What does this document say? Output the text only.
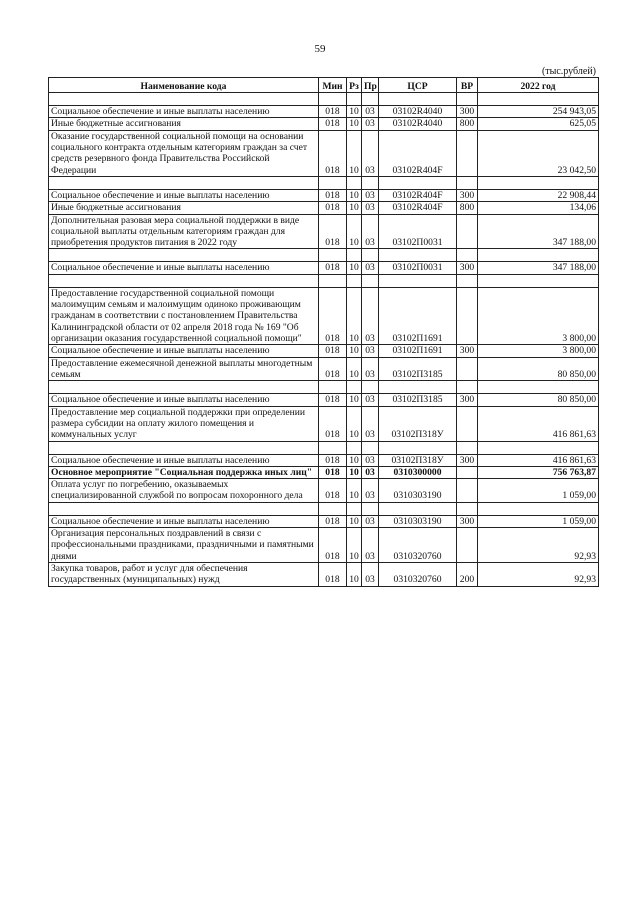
59
(тыс.рублей)
Наименование кода	Мин	Рз	Пр	ЦСР	ВР	2022 год

Социальное обеспечение и иные выплаты населению	018	10	03	03102R4040	300	254 943,05
Иные бюджетные ассигнования	018	10	03	03102R4040	800	625,05
Оказание государственной социальной помощи на основании социального контракта отдельным категориям граждан за счет средств резервного фонда Правительства Российской Федерации	018	10	03	03102R404F		23 042,50

Социальное обеспечение и иные выплаты населению	018	10	03	03102R404F	300	22 908,44
Иные бюджетные ассигнования	018	10	03	03102R404F	800	134,06
Дополнительная разовая мера социальной поддержки в виде социальной выплаты отдельным категориям граждан для приобретения продуктов питания в 2022 году	018	10	03	03102П0031		347 188,00

Социальное обеспечение и иные выплаты населению	018	10	03	03102П0031	300	347 188,00

Предоставление государственной социальной помощи малоимущим семьям и малоимущим одиноко проживающим гражданам в соответствии с постановлением Правительства Калининградской области от 02 апреля 2018 года № 169 "Об организации оказания государственной социальной помощи"	018	10	03	03102П1691		3 800,00
Социальное обеспечение и иные выплаты населению	018	10	03	03102П1691	300	3 800,00
Предоставление ежемесячной денежной выплаты многодетным семьям	018	10	03	03102П3185		80 850,00

Социальное обеспечение и иные выплаты населению	018	10	03	03102П3185	300	80 850,00
Предоставление мер социальной поддержки при определении размера субсидии на оплату жилого помещения и коммунальных услуг	018	10	03	03102П318У		416 861,63

Социальное обеспечение и иные выплаты населению	018	10	03	03102П318У	300	416 861,63
Основное мероприятие "Социальная поддержка иных лиц"	018	10	03	0310300000		756 763,87
Оплата услуг по погребению, оказываемых специализированной службой по вопросам похоронного дела	018	10	03	0310303190		1 059,00

Социальное обеспечение и иные выплаты населению	018	10	03	0310303190	300	1 059,00
Организация персональных поздравлений в связи с профессиональными праздниками, праздничными и памятными днями	018	10	03	0310320760		92,93
Закупка товаров, работ и услуг для обеспечения государственных (муниципальных) нужд	018	10	03	0310320760	200	92,93
